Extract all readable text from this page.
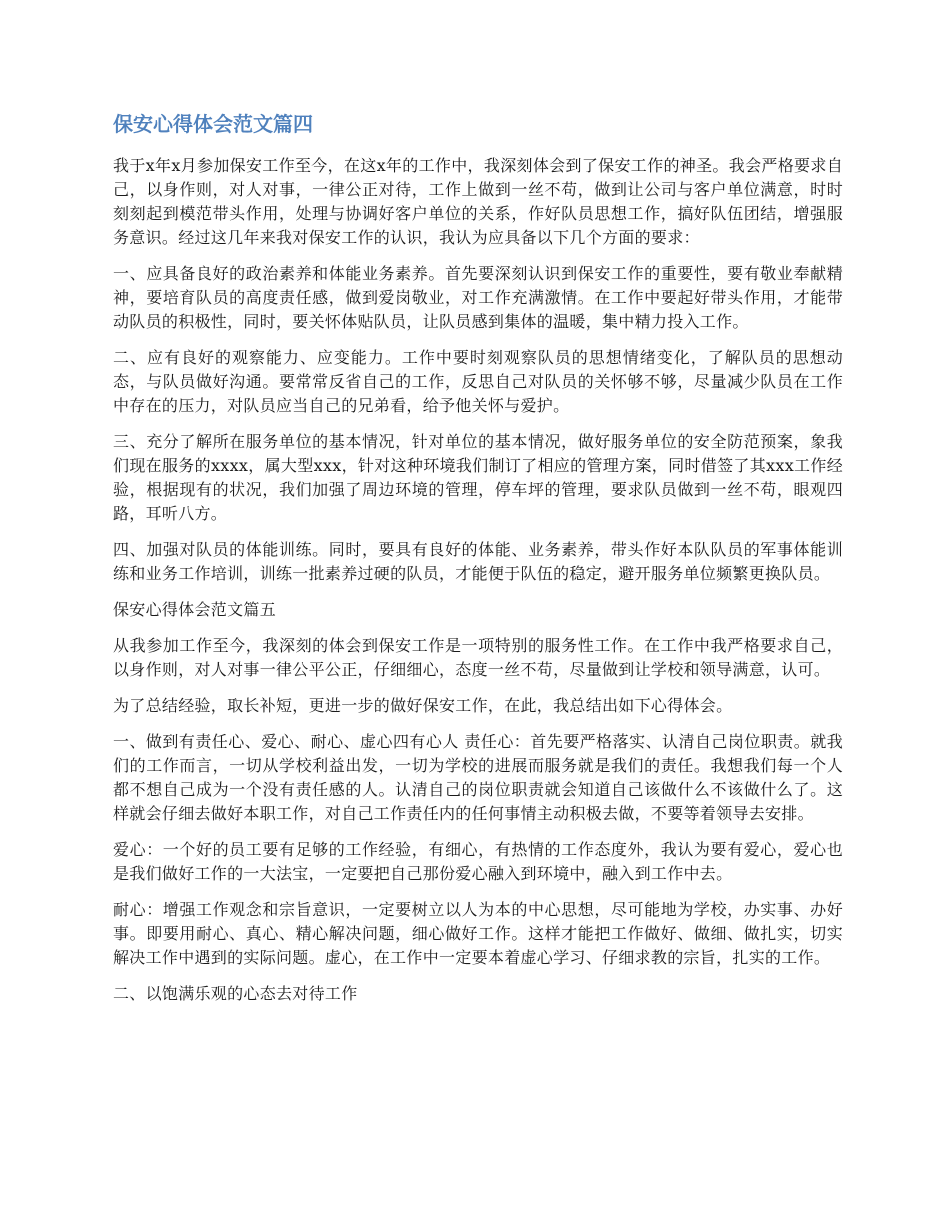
保安心得体会范文篇四

我于x年x月参加保安工作至今，在这x年的工作中，我深刻体会到了保安工作的神圣。我会严格要求自己，以身作则，对人对事，一律公正对待，工作上做到一丝不苟，做到让公司与客户单位满意，时时刻刻起到模范带头作用，处理与协调好客户单位的关系，作好队员思想工作，搞好队伍团结，增强服务意识。经过这几年来我对保安工作的认识，我认为应具备以下几个方面的要求：

一、应具备良好的政治素养和体能业务素养。首先要深刻认识到保安工作的重要性，要有敬业奉献精神，要培育队员的高度责任感，做到爱岗敬业，对工作充满激情。在工作中要起好带头作用，才能带动队员的积极性，同时，要关怀体贴队员，让队员感到集体的温暖，集中精力投入工作。

二、应有良好的观察能力、应变能力。工作中要时刻观察队员的思想情绪变化，了解队员的思想动态，与队员做好沟通。要常常反省自己的工作，反思自己对队员的关怀够不够，尽量减少队员在工作中存在的压力，对队员应当自己的兄弟看，给予他关怀与爱护。

三、充分了解所在服务单位的基本情况，针对单位的基本情况，做好服务单位的安全防范预案，象我们现在服务的xxxx，属大型xxx，针对这种环境我们制订了相应的管理方案，同时借签了其xxx工作经验，根据现有的状况，我们加强了周边环境的管理，停车坪的管理，要求队员做到一丝不苟，眼观四路，耳听八方。

四、加强对队员的体能训练。同时，要具有良好的体能、业务素养，带头作好本队队员的军事体能训练和业务工作培训，训练一批素养过硬的队员，才能便于队伍的稳定，避开服务单位频繁更换队员。

保安心得体会范文篇五

从我参加工作至今，我深刻的体会到保安工作是一项特别的服务性工作。在工作中我严格要求自己，以身作则，对人对事一律公平公正，仔细细心，态度一丝不苟，尽量做到让学校和领导满意，认可。

为了总结经验，取长补短，更进一步的做好保安工作，在此，我总结出如下心得体会。

一、做到有责任心、爱心、耐心、虚心四有心人 责任心：首先要严格落实、认清自己岗位职责。就我们的工作而言，一切从学校利益出发，一切为学校的进展而服务就是我们的责任。我想我们每一个人都不想自己成为一个没有责任感的人。认清自己的岗位职责就会知道自己该做什么不该做什么了。这样就会仔细去做好本职工作，对自己工作责任内的任何事情主动积极去做，不要等着领导去安排。

爱心：一个好的员工要有足够的工作经验，有细心，有热情的工作态度外，我认为要有爱心，爱心也是我们做好工作的一大法宝，一定要把自己那份爱心融入到环境中，融入到工作中去。

耐心：增强工作观念和宗旨意识，一定要树立以人为本的中心思想，尽可能地为学校，办实事、办好事。即要用耐心、真心、精心解决问题，细心做好工作。这样才能把工作做好、做细、做扎实，切实解决工作中遇到的实际问题。虚心，在工作中一定要本着虚心学习、仔细求教的宗旨，扎实的工作。

二、以饱满乐观的心态去对待工作
